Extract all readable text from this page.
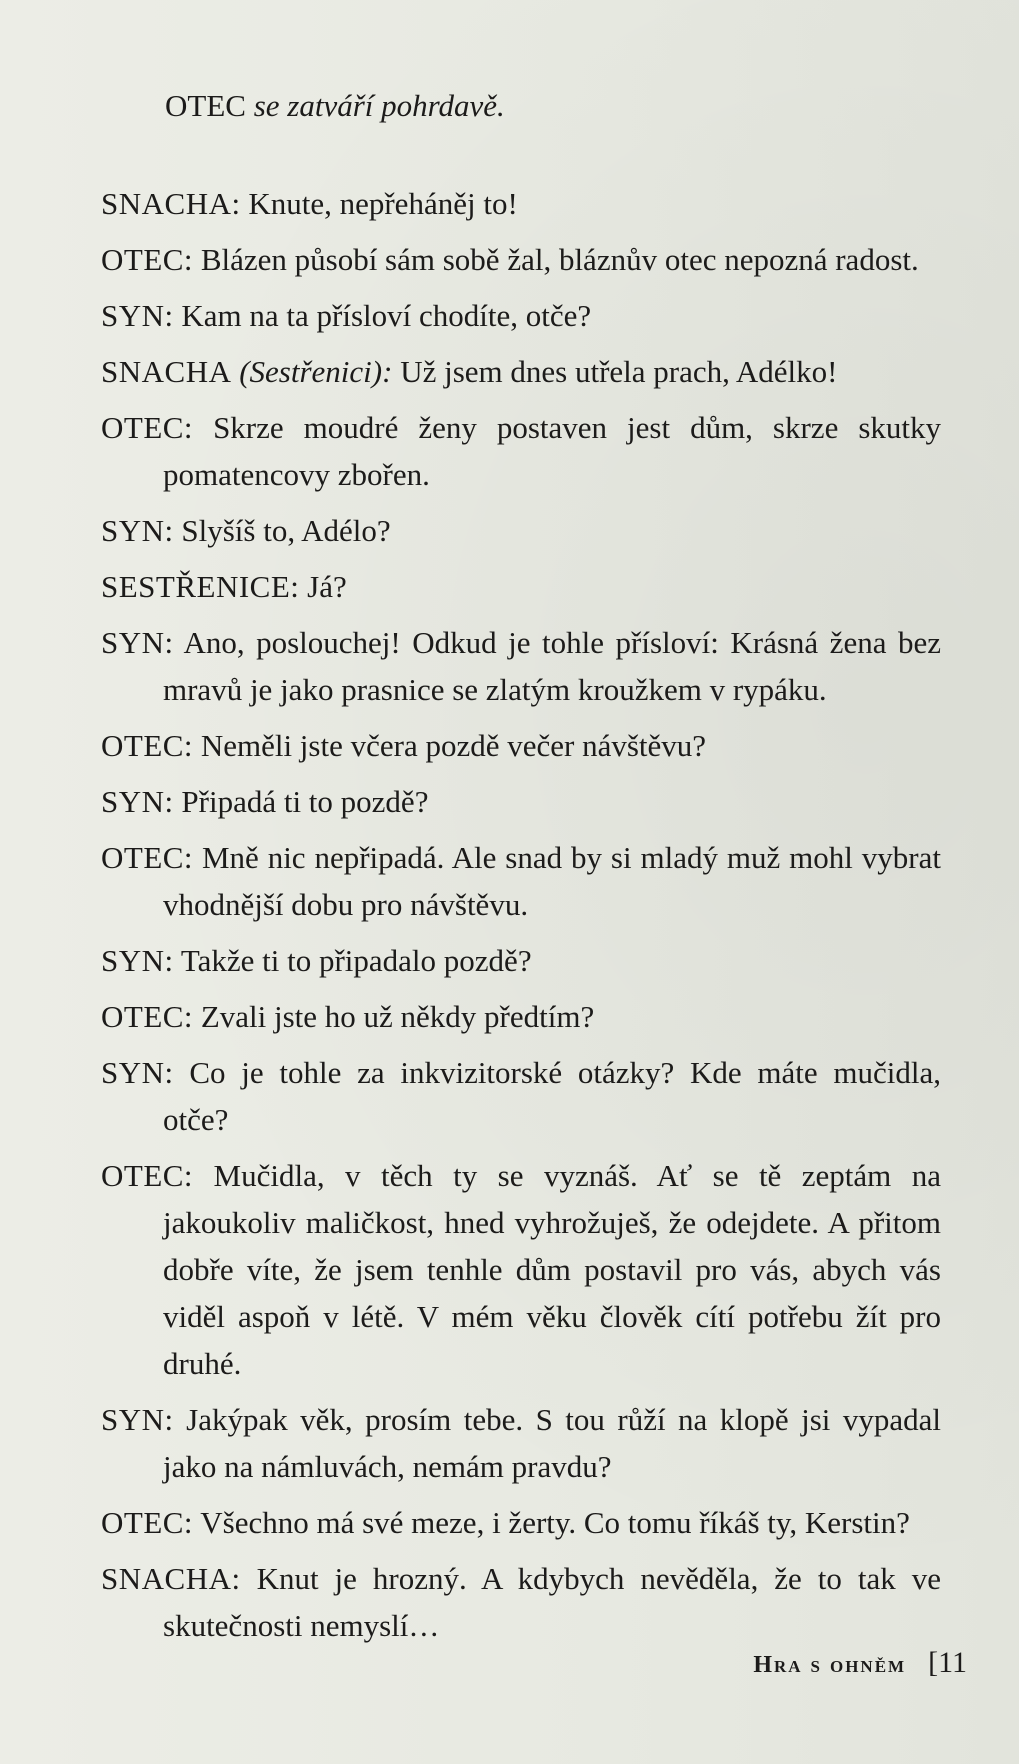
OTEC se zatváří pohrdavě.

SNACHA: Knute, nepřeháněj to!

OTEC: Blázen působí sám sobě žal, bláznův otec nepozná radost.

SYN: Kam na ta přísloví chodíte, otče?

SNACHA (Sestřenici): Už jsem dnes utřela prach, Adélko!

OTEC: Skrze moudré ženy postaven jest dům, skrze skutky pomatencovy zbořen.

SYN: Slyšíš to, Adélo?

SESTŘENICE: Já?

SYN: Ano, poslouchej! Odkud je tohle přísloví: Krásná žena bez mravů je jako prasnice se zlatým kroužkem v rypáku.

OTEC: Neměli jste včera pozdě večer návštěvu?

SYN: Připadá ti to pozdě?

OTEC: Mně nic nepřipadá. Ale snad by si mladý muž mohl vybrat vhodnější dobu pro návštěvu.

SYN: Takže ti to připadalo pozdě?

OTEC: Zvali jste ho už někdy předtím?

SYN: Co je tohle za inkvizitorské otázky? Kde máte mučidla, otče?

OTEC: Mučidla, v těch ty se vyznáš. Ať se tě zeptám na jakoukoliv maličkost, hned vyhrožuješ, že odejdete. A přitom dobře víte, že jsem tenhle dům postavil pro vás, abych vás viděl aspoň v létě. V mém věku člověk cítí potřebu žít pro druhé.

SYN: Jakýpak věk, prosím tebe. S tou růží na klopě jsi vypadal jako na námluvách, nemám pravdu?

OTEC: Všechno má své meze, i žerty. Co tomu říkáš ty, Kerstin?

SNACHA: Knut je hrozný. A kdybych nevěděla, že to tak ve skutečnosti nemyslí…

Hra s ohněm [11
